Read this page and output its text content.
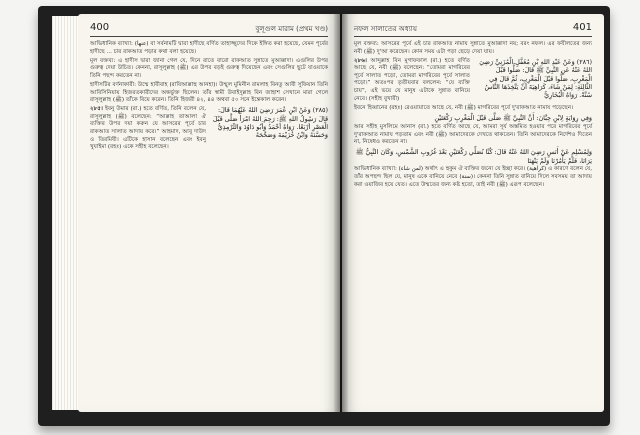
400	বুলূগুল মারাম (প্রথম খণ্ড)

আভিধানিক ব্যাখ্যা: (عنها) বা সর্বনামটি দ্বারা হাদীছে বর্ণিত তাহাজ্জুদের দিকে ইঙ্গিত করা হয়েছে, যেমন পূর্বের হাদীছে ... চার রাকআত পড়ার কথা বলা হয়েছে।

মূল বক্তব্য: এ হাদীস দ্বারা জানা গেল যে, দিনে রাতে বারো রাকআত সুন্নাতে মুআক্কাদা। এগুলির উপর গুরুত্ব দেয়া উচিত। কেননা, রাসূলুল্লাহ (ﷺ) এর উপর বড়ই গুরুত্ব দিয়েছেন এবং সেগুলির ছুটে যাওয়াকে তিনি পছন্দ করতেন না।

হাদীসটির বর্ণনাকারী: উম্মে হাবীবাহ (রাযিআল্লাহু আনহা)। উম্মুল মুমিনীন রামলাহ বিনতু আবী সুফিয়ান তিনি আবিসিনিয়ায় হিজরতকারীদের অন্তর্ভুক্ত ছিলেন। তাঁর স্বামী উবাইদুল্লাহ বিন জাহাশ সেখানে মারা গেলে রাসূলুল্লাহ (ﷺ) তাঁকে বিয়ে করেন। তিনি হিজরী ৪২, ৪৪ অথবা ৫০ সনে ইন্তেকাল করেন।

২৮৫। ইবনু উমার (রা.) হতে বর্ণিত, তিনি বলেন যে, রাসূলুল্লাহ (ﷺ) বলেছেন: “আল্লাহ তাআলা ঐ ব্যক্তির উপর দয়া করুন যে আসরের পূর্বে চার রাকআত সালাত আদায় করে।” আহমাদ, আবূ দাউদ ও তিরমিযী। এটিকে হাসান বলেছেন এবং ইবনু খুযাইমা (রহঃ) একে সহীহ বলেছেন।
(٢٨٥) وَعَنْ ابْنِ عُمَرَ رَضِيَ اللهُ عَنْهُمَا قَالَ: قَالَ رَسُولُ اللهِ ﷺ: رَحِمَ اللهُ امْرَأً صَلَّى قَبْلَ الْعَصْرِ أَرْبَعًا. رَوَاهُ أَحْمَدُ وَأَبُو دَاوُدَ وَالتِّرْمِذِيُّ وَحَسَّنَهُ وَابْنُ خُزَيْمَةَ وَصَحَّحَهُ
নফল সালাতের অধ্যায়	401

মূল বক্তব্য: আসরের পূর্বে এই চার রাকআত নামায সুন্নাতে মুআক্কাদা নয়; বরং নফল। এর ফযীলতের জন্য নবী (ﷺ) দু'আ করেছেন। কোন সময় এটা পড়া ছেড়ে দেয়া যায়।

২৮৬। আব্দুল্লাহ বিন মুগাফফাল (রা.) হতে বর্ণিত আছে যে, নবী (ﷺ) বলেছেন: “তোমরা মাগরিবের পূর্বে সালাত পড়ো, তোমরা মাগরিবের পূর্বে সালাত পড়ো।” অতঃপর তৃতীয়বার বললেন: “যে ব্যক্তি চায়”, এই ভয়ে যে মানুষ এটাকে সুন্নাত বানিয়ে নেবে। (সহীহ বুখারী)
(٢٨٦) وَعَنْ عَبْدِ اللهِ بْنِ مُغَفَّلٍ الْمُزَنِيِّ رَضِيَ اللهُ عَنْهُ عَنِ النَّبِيِّ ﷺ قَالَ: صَلُّوا قَبْلَ الْمَغْرِبِ، صَلُّوا قَبْلَ الْمَغْرِبِ، ثُمَّ قَالَ فِي الثَّالِثَةِ: لِمَنْ شَاءَ، كَرَاهِيَةَ أَنْ يَتَّخِذَهَا النَّاسُ سُنَّةً. رَوَاهُ الْبُخَارِيُّ

ইবনে হিব্বানের (রহঃ) রেওয়ায়াতে আছে যে, নবী (ﷺ) মাগরিবের পূর্বে দু'রাকআত নামায পড়েছেন।

وَفِي رِوَايَةٍ لِابْنِ حِبَّانَ: أَنَّ النَّبِيَّ ﷺ صَلَّى قَبْلَ الْمَغْرِبِ رَكْعَتَيْنِ

আর সহীহ মুসলিমে আনাস (রা.) হতে বর্ণিত আছে যে, আমরা সূর্য অস্তমিত হওয়ার পরে মাগরিবের পূর্বে দু'রাকআত নামায পড়তাম এবং নবী (ﷺ) আমাদেরকে দেখতে থাকতেন। তিনি আমাদেরকে নির্দেশও দিতেন না, নিষেধও করতেন না।

وَلِمُسْلِمٍ عَنْ أَنَسٍ رَضِيَ اللهُ عَنْهُ قَالَ: كُنَّا نُصَلِّي رَكْعَتَيْنِ بَعْدَ غُرُوبِ الشَّمْسِ، وَكَانَ النَّبِيُّ ﷺ يَرَانَا، فَلَمْ يَأْمُرْنَا وَلَمْ يَنْهَنَا

আভিধানিক ব্যাখ্যা: (لمن شاء) অর্থাৎ এ হুকুম ঐ ব্যক্তির জন্যে যে ইচ্ছা করে। (كراهية) এ কারণে বলেন যে, তাঁর অপছন্দ ছিল যে, মানুষ একে বানিয়ে নেবে (سنة)। কেননা তিনি সুন্নাত বানিয়ে দিলে সবসময় তা আদায় করা ওয়াজিব হয়ে যেত। এতে উম্মতের জন্য কষ্ট হতো, তাই নবী (ﷺ) এরূপ বলেছেন।
